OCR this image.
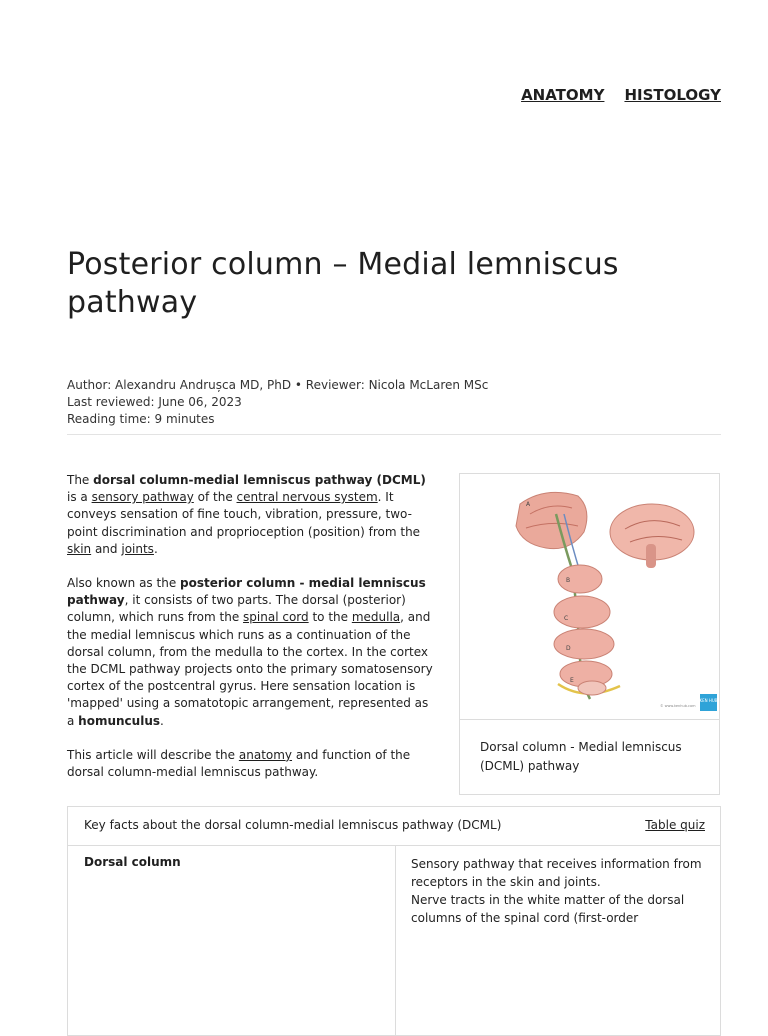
ANATOMY HISTOLOGY
Posterior column – Medial lemniscus pathway
Author: Alexandru Andrușca MD, PhD • Reviewer: Nicola McLaren MSc
Last reviewed: June 06, 2023
Reading time: 9 minutes

The dorsal column-medial lemniscus pathway (DCML) is a sensory pathway of the central nervous system. It conveys sensation of fine touch, vibration, pressure, two-point discrimination and proprioception (position) from the skin and joints.

Also known as the posterior column - medial lemniscus pathway, it consists of two parts. The dorsal (posterior) column, which runs from the spinal cord to the medulla, and the medial lemniscus which runs as a continuation of the dorsal column, from the medulla to the cortex. In the cortex the DCML pathway projects onto the primary somatosensory cortex of the postcentral gyrus. Here sensation location is 'mapped' using a somatotopic arrangement, represented as a homunculus.

This article will describe the anatomy and function of the dorsal column-medial lemniscus pathway.

A
B
C
D
E
KEN HUB
© www.kenhub.com
Dorsal column - Medial lemniscus (DCML) pathway
Key facts about the dorsal column-medial lemniscus pathway (DCML)	Table quiz
Dorsal column	Sensory pathway that receives information from receptors in the skin and joints.
Nerve tracts in the white matter of the dorsal columns of the spinal cord (first-order
